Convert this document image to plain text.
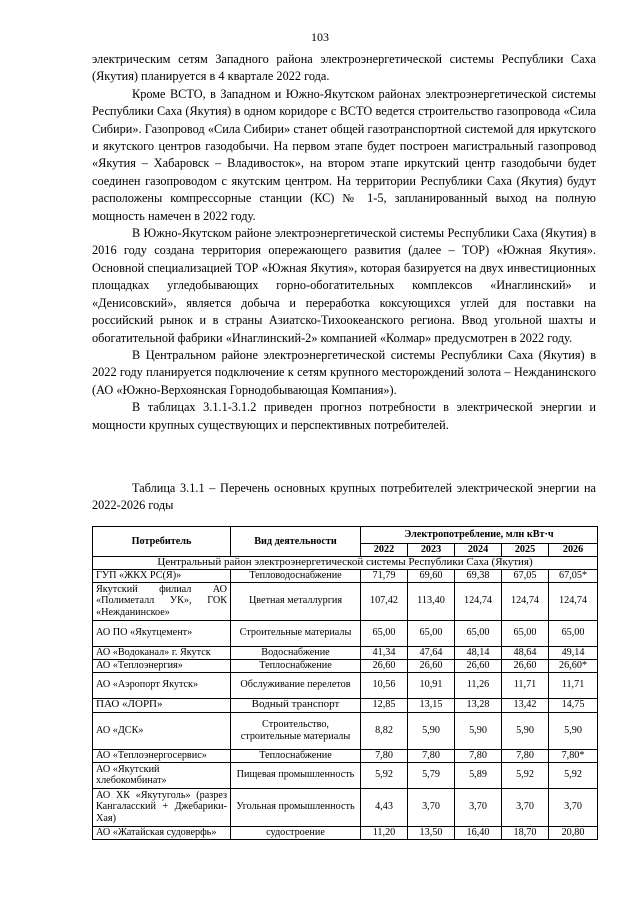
103

электрическим сетям Западного района электроэнергетической системы Республики Саха (Якутия) планируется в 4 квартале 2022 года.

Кроме ВСТО, в Западном и Южно-Якутском районах электроэнергетической системы Республики Саха (Якутия) в одном коридоре с ВСТО ведется строительство газопровода «Сила Сибири». Газопровод «Сила Сибири» станет общей газотранспортной системой для иркутского и якутского центров газодобычи. На первом этапе будет построен магистральный газопровод «Якутия – Хабаровск – Владивосток», на втором этапе иркутский центр газодобычи будет соединен газопроводом с якутским центром. На территории Республики Саха (Якутия) будут расположены компрессорные станции (КС) № 1-5, запланированный выход на полную мощность намечен в 2022 году.

В Южно-Якутском районе электроэнергетической системы Республики Саха (Якутия) в 2016 году создана территория опережающего развития (далее – ТОР) «Южная Якутия». Основной специализацией ТОР «Южная Якутия», которая базируется на двух инвестиционных площадках угледобывающих горно-обогатительных комплексов «Инаглинский» и «Денисовский», является добыча и переработка коксующихся углей для поставки на российский рынок и в страны Азиатско-Тихоокеанского региона. Ввод угольной шахты и обогатительной фабрики «Инаглинский-2» компанией «Колмар» предусмотрен в 2022 году.

В Центральном районе электроэнергетической системы Республики Саха (Якутия) в 2022 году планируется подключение к сетям крупного месторождений золота – Нежданинского (АО «Южно-Верхоянская Горнодобывающая Компания»).

В таблицах 3.1.1-3.1.2 приведен прогноз потребности в электрической энергии и мощности крупных существующих и перспективных потребителей.

Таблица 3.1.1 – Перечень основных крупных потребителей электрической энергии на 2022-2026 годы
Потребитель	Вид деятельности	Электропотребление, млн кВт·ч				
		2022	2023	2024	2025	2026
Центральный район электроэнергетической системы Республики Саха (Якутия)						
ГУП «ЖКХ РС(Я)»	Тепловодоснабжение	71,79	69,60	69,38	67,05	67,05*
Якутский филиал АО «Полиметалл УК», ГОК «Нежданинское»	Цветная металлургия	107,42	113,40	124,74	124,74	124,74
АО ПО «Якутцемент»	Строительные материалы	65,00	65,00	65,00	65,00	65,00
АО «Водоканал» г. Якутск	Водоснабжение	41,34	47,64	48,14	48,64	49,14
АО «Теплоэнергия»	Теплоснабжение	26,60	26,60	26,60	26,60	26,60*
АО «Аэропорт Якутск»	Обслуживание перелетов	10,56	10,91	11,26	11,71	11,71
ПАО «ЛОРП»	Водный транспорт	12,85	13,15	13,28	13,42	14,75
АО «ДСК»	Строительство, строительные материалы	8,82	5,90	5,90	5,90	5,90
АО «Теплоэнергосервис»	Теплоснабжение	7,80	7,80	7,80	7,80	7,80*
АО «Якутский хлебокомбинат»	Пищевая промышленность	5,92	5,79	5,89	5,92	5,92
АО ХК «Якутуголь» (разрез Кангаласский + Джебарики-Хая)	Угольная промышленность	4,43	3,70	3,70	3,70	3,70
АО «Жатайская судоверфь»	судостроение	11,20	13,50	16,40	18,70	20,80
